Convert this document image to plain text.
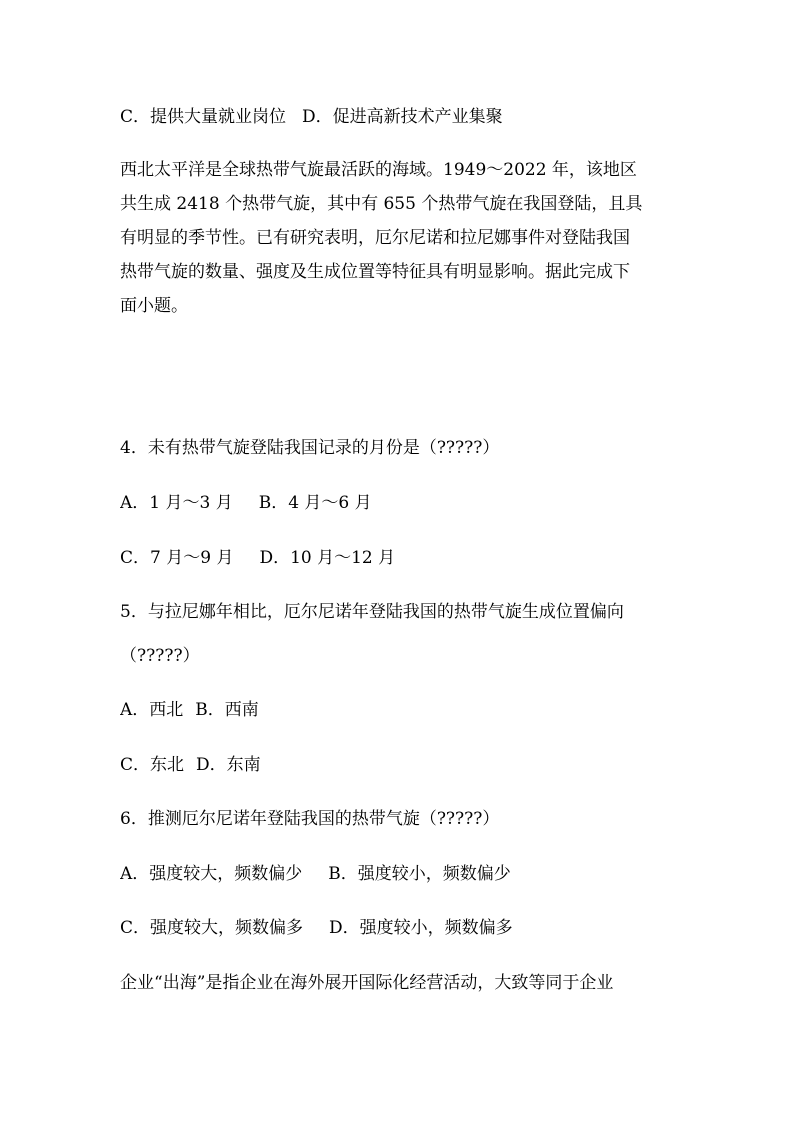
C．提供大量就业岗位 D．促进高新技术产业集聚
西北太平洋是全球热带气旋最活跃的海域。1949～2022 年，该地区
共生成 2418 个热带气旋，其中有 655 个热带气旋在我国登陆，且具
有明显的季节性。已有研究表明，厄尔尼诺和拉尼娜事件对登陆我国
热带气旋的数量、强度及生成位置等特征具有明显影响。据此完成下
面小题。
4．未有热带气旋登陆我国记录的月份是（?????）
A．1 月～3 月 B．4 月～6 月
C．7 月～9 月 D．10 月～12 月
5．与拉尼娜年相比，厄尔尼诺年登陆我国的热带气旋生成位置偏向
（?????）
A．西北 B．西南
C．东北 D．东南
6．推测厄尔尼诺年登陆我国的热带气旋（?????）
A．强度较大，频数偏少 B．强度较小，频数偏少
C．强度较大，频数偏多 D．强度较小，频数偏多
企业“出海”是指企业在海外展开国际化经营活动，大致等同于企业
